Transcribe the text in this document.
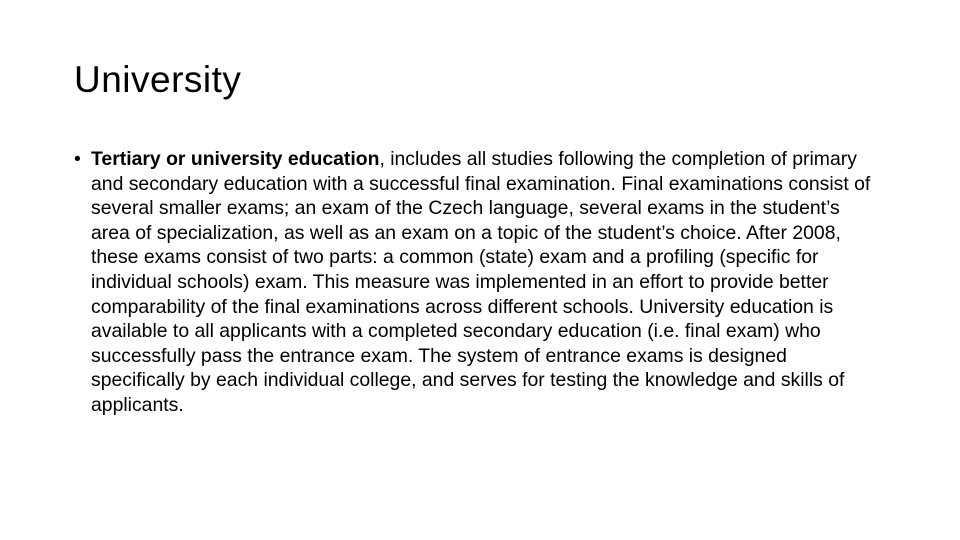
University
• Tertiary or university education, includes all studies following the completion of primary and secondary education with a successful final examination. Final examinations consist of several smaller exams; an exam of the Czech language, several exams in the student’s area of specialization, as well as an exam on a topic of the student’s choice. After 2008, these exams consist of two parts: a common (state) exam and a profiling (specific for individual schools) exam. This measure was implemented in an effort to provide better comparability of the final examinations across different schools. University education is available to all applicants with a completed secondary education (i.e. final exam) who successfully pass the entrance exam. The system of entrance exams is designed specifically by each individual college, and serves for testing the knowledge and skills of applicants.
